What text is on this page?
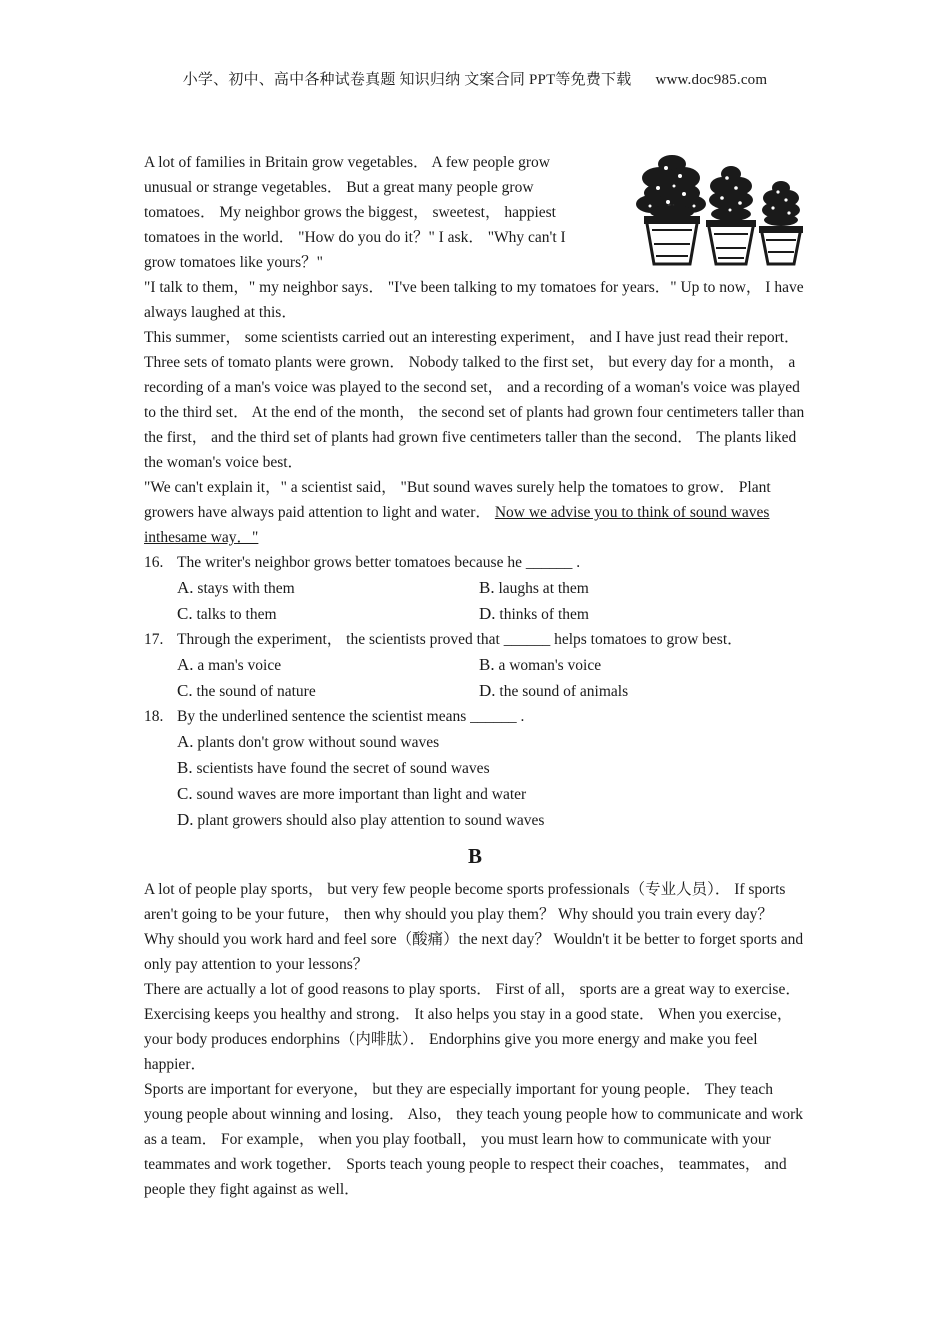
小学、初中、高中各种试卷真题 知识归纳 文案合同 PPT等免费下载 www.doc985.com

A lot of families in Britain grow vegetables． A few people grow unusual or strange vegetables． But a great many people grow tomatoes． My neighbor grows the biggest， sweetest， happiest tomatoes in the world． "How do you do it？" I ask． "Why can't I grow tomatoes like yours？"

"I talk to them，" my neighbor says． "I've been talking to my tomatoes for years．" Up to now， I have always laughed at this．

This summer， some scientists carried out an interesting experiment， and I have just read their report．

Three sets of tomato plants were grown． Nobody talked to the first set， but every day for a month， a recording of a man's voice was played to the second set， and a recording of a woman's voice was played to the third set． At the end of the month， the second set of plants had grown four centimeters taller than the first， and the third set of plants had grown five centimeters taller than the second． The plants liked the woman's voice best．

"We can't explain it，" a scientist said， "But sound waves surely help the tomatoes to grow． Plant growers have always paid attention to light and water． Now we advise you to think of sound waves inthesame way．"

16. The writer's neighbor grows better tomatoes because he ______ .
A. stays with them	B. laughs at them
C. talks to them	D. thinks of them
17. Through the experiment， the scientists proved that ______ helps tomatoes to grow best．
A. a man's voice	B. a woman's voice
C. the sound of nature	D. the sound of animals
18. By the underlined sentence the scientist means ______ .
A. plants don't grow without sound waves
B. scientists have found the secret of sound waves
C. sound waves are more important than light and water
D. plant growers should also play attention to sound waves
B

A lot of people play sports， but very few people become sports professionals（专业人员）． If sports aren't going to be your future， then why should you play them？ Why should you train every day？ Why should you work hard and feel sore（酸痛）the next day？ Wouldn't it be better to forget sports and only pay attention to your lessons？

There are actually a lot of good reasons to play sports． First of all， sports are a great way to exercise． Exercising keeps you healthy and strong． It also helps you stay in a good state． When you exercise， your body produces endorphins（内啡肽）． Endorphins give you more energy and make you feel happier．

Sports are important for everyone， but they are especially important for young people． They teach young people about winning and losing． Also， they teach young people how to communicate and work as a team． For example， when you play football， you must learn how to communicate with your teammates and work together． Sports teach young people to respect their coaches， teammates， and people they fight against as well．
